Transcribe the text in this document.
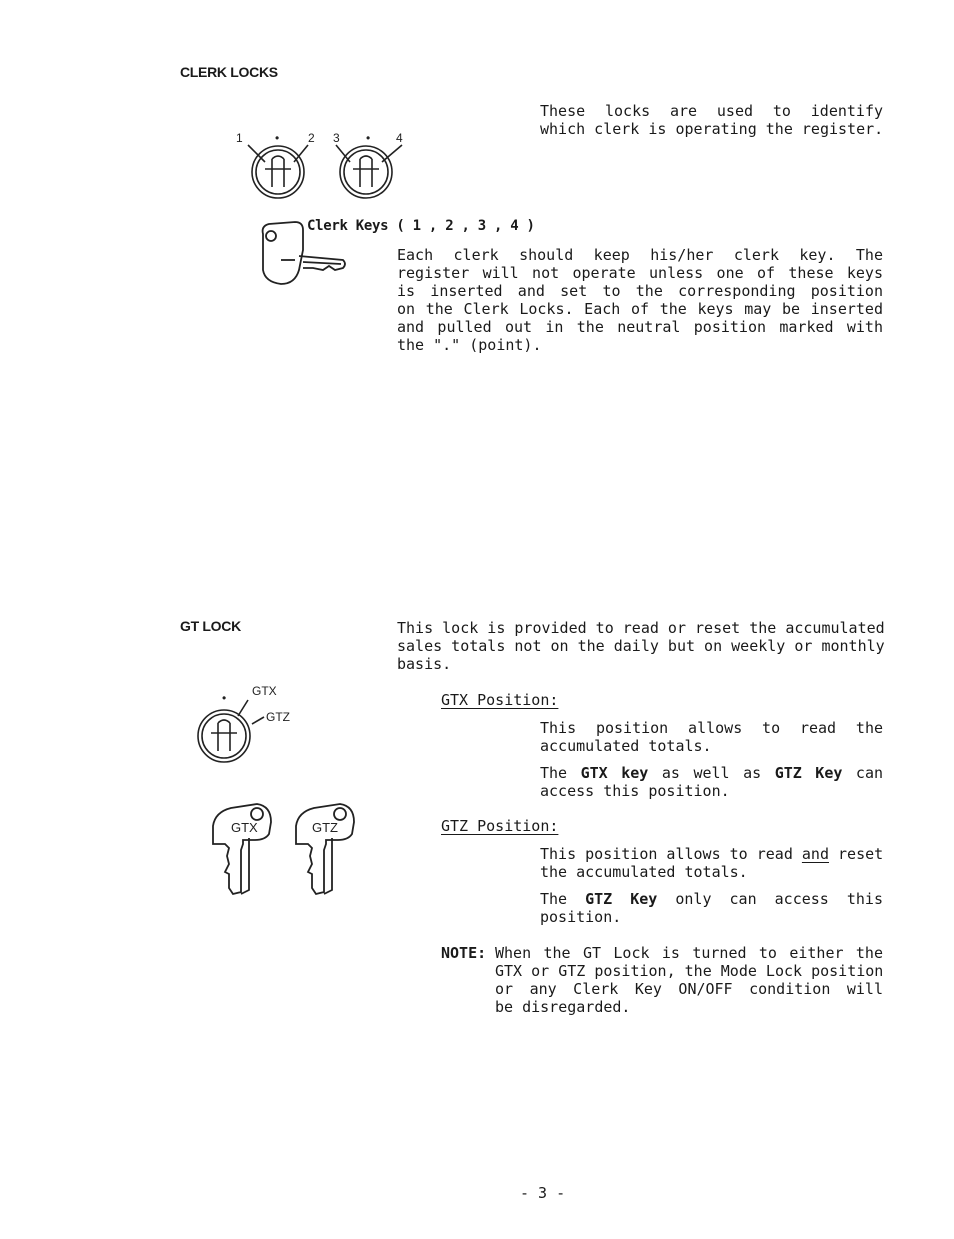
CLERK LOCKS
These locks are used to identify
which clerk is operating the register.
1	• 2 3 • 4
Clerk Keys ( 1 , 2 , 3 , 4 )
Each clerk should keep his/her clerk key. The
register will not operate unless one of these keys
is inserted and set to the corresponding position
on the Clerk Locks. Each of the keys may be inserted
and pulled out in the neutral position marked with
the "." (point).
GT LOCK	This lock is provided to read or reset the accumulated
sales totals not on the daily but on weekly or monthly
basis.
• GTX
GTZ
GTX	GTZ
GTX Position:
This position allows to read the
accumulated totals.
The GTX key as well as GTZ Key can
access this position.
GTZ Position:
This position allows to read and reset
the accumulated totals.
The GTZ Key only can access this
position.
NOTE: When the GT Lock is turned to either the
GTX or GTZ position, the Mode Lock position
or any Clerk Key ON/OFF condition will
be disregarded.
- 3 -
